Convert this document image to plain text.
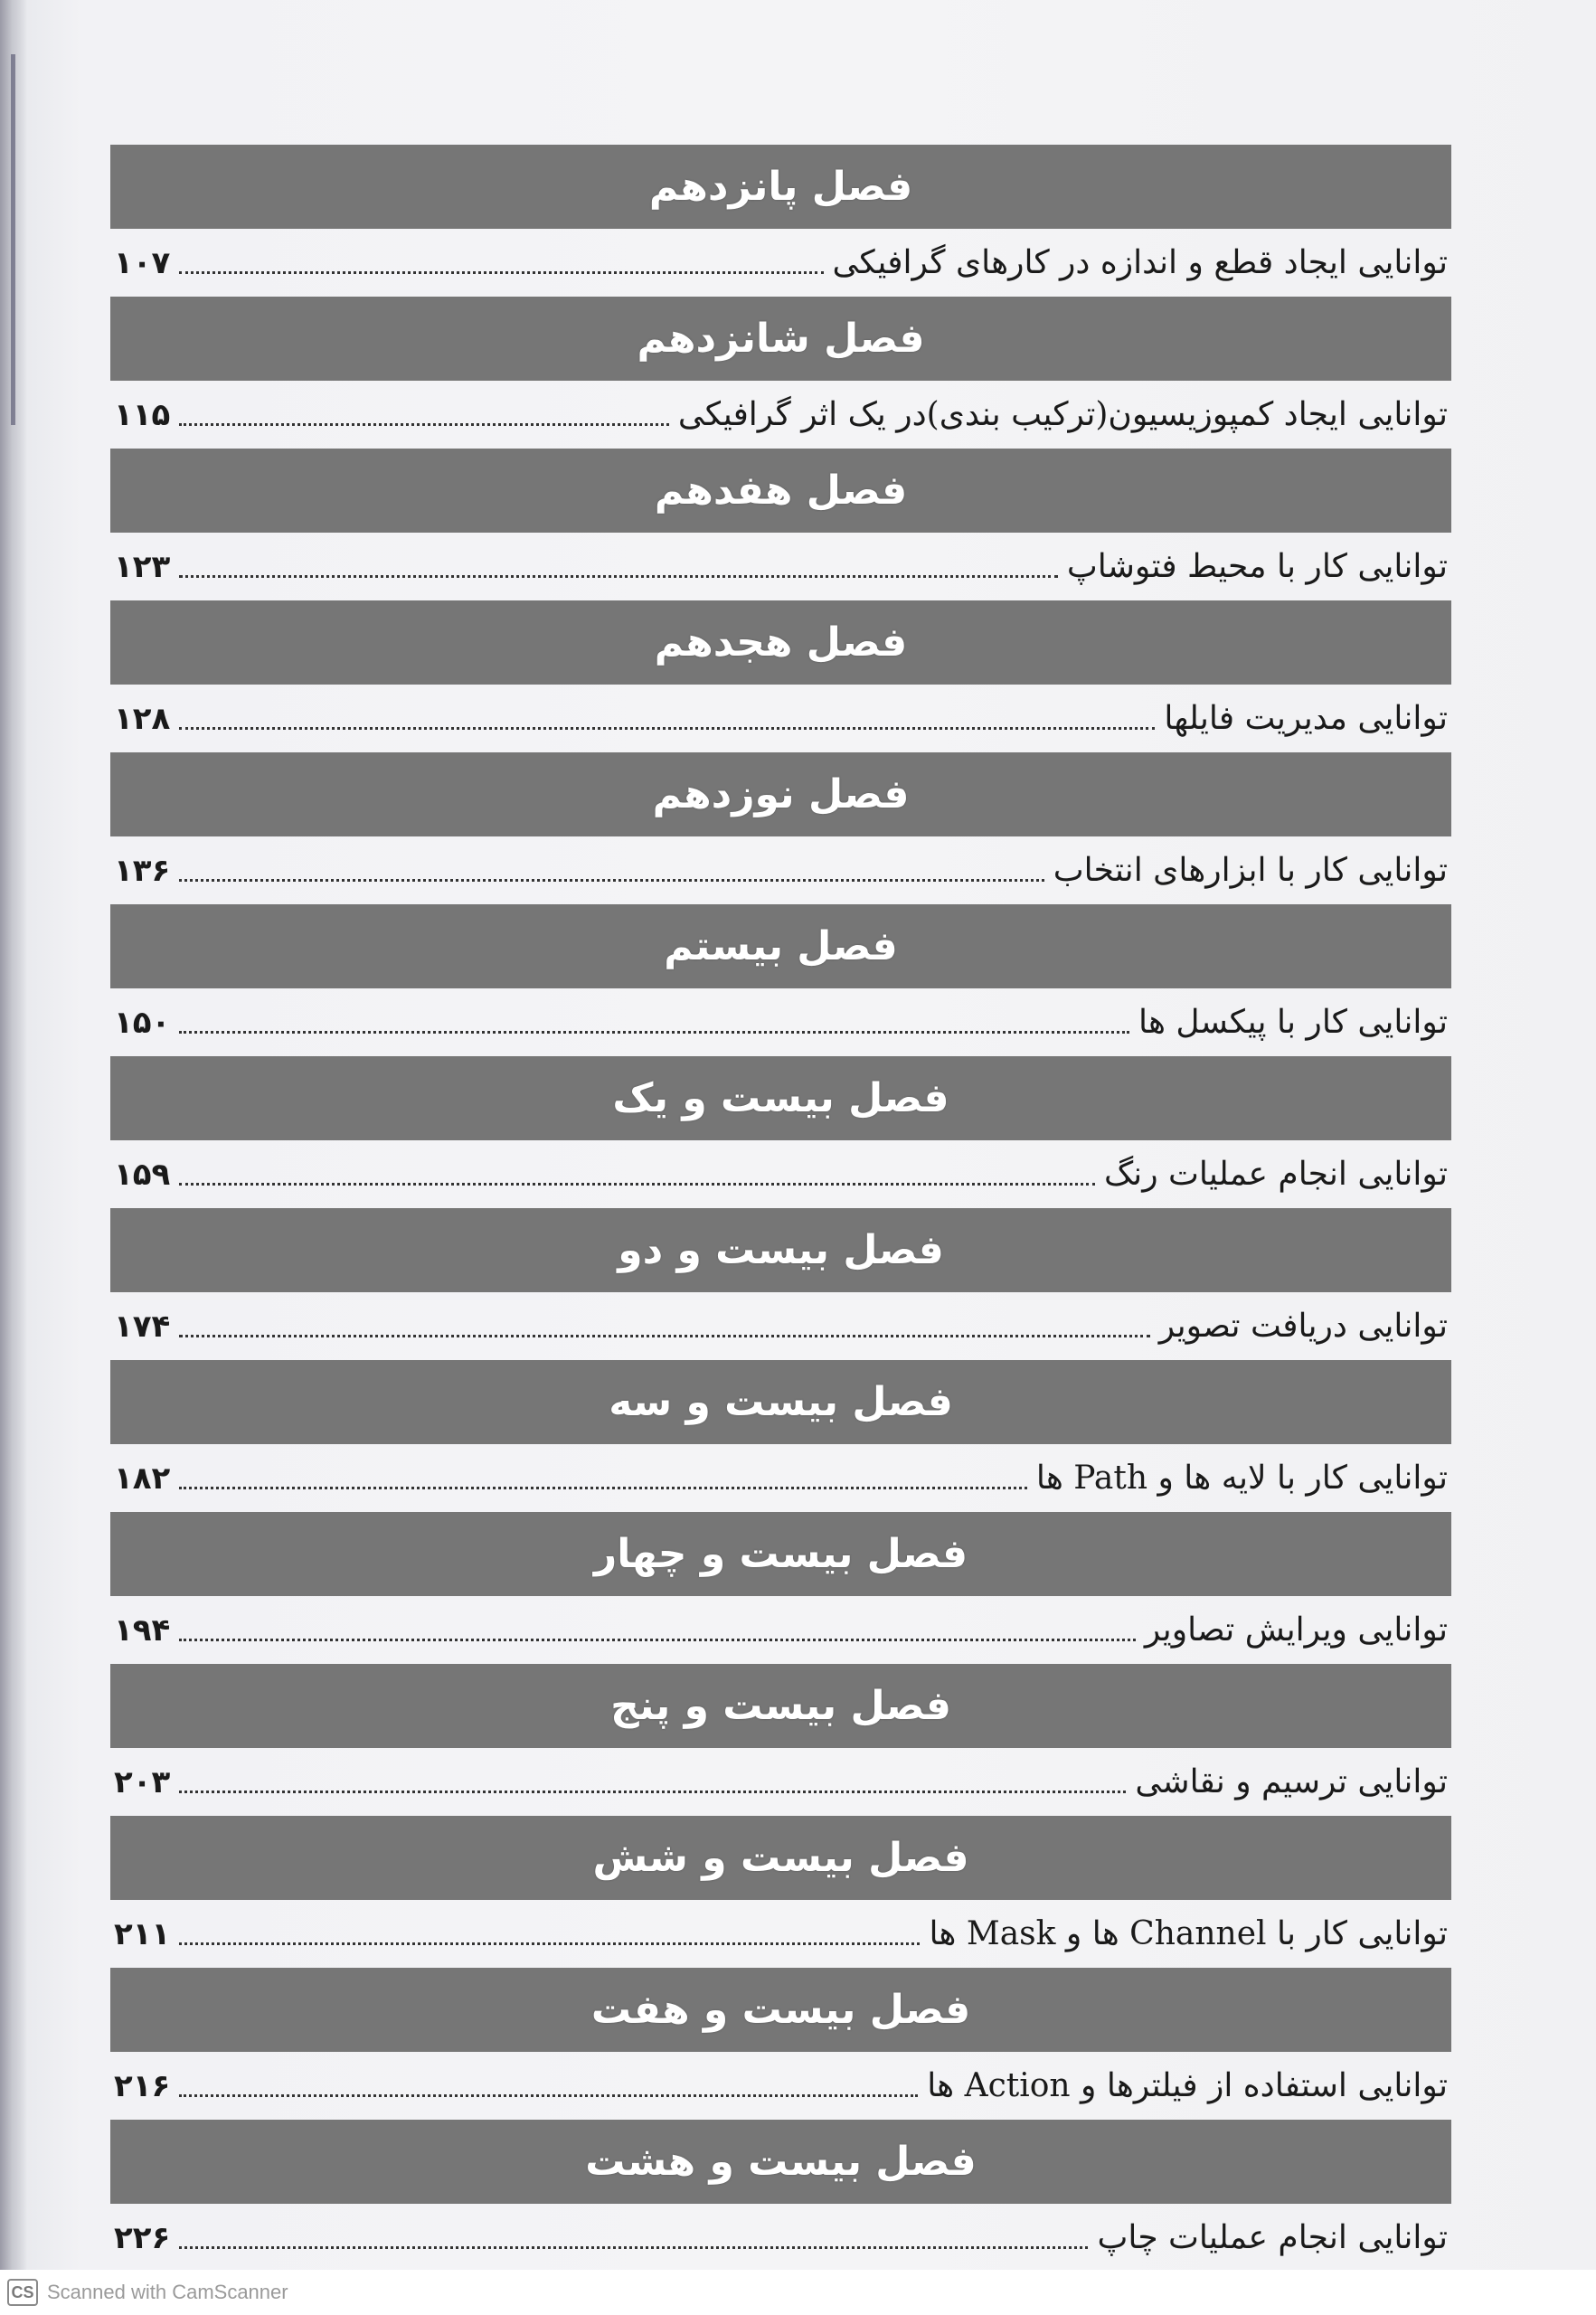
فصل پانزدهم
توانایی ایجاد قطع و اندازه در کارهای گرافیکی
۱۰۷
فصل شانزدهم
توانایی ایجاد کمپوزیسیون(ترکیب بندی)در یک اثر گرافیکی
۱۱۵
فصل هفدهم
توانایی کار با محیط فتوشاپ
۱۲۳
فصل هجدهم
توانایی مدیریت فایلها
۱۲۸
فصل نوزدهم
توانایی کار با ابزارهای انتخاب
۱۳۶
فصل بیستم
توانایی کار با پیکسل ها
۱۵۰
فصل بیست و یک
توانایی انجام عملیات رنگ
۱۵۹
فصل بیست و دو
توانایی دریافت تصویر
۱۷۴
فصل بیست و سه
توانایی کار با لایه ها و Path ها
۱۸۲
فصل بیست و چهار
توانایی ویرایش تصاویر
۱۹۴
فصل بیست و پنج
توانایی ترسیم و نقاشی
۲۰۳
فصل بیست و شش
توانایی کار با Channel ها و Mask ها
۲۱۱
فصل بیست و هفت
توانایی استفاده از فیلترها و Action ها
۲۱۶
فصل بیست و هشت
توانایی انجام عملیات چاپ
۲۲۶
CS Scanned with CamScanner
